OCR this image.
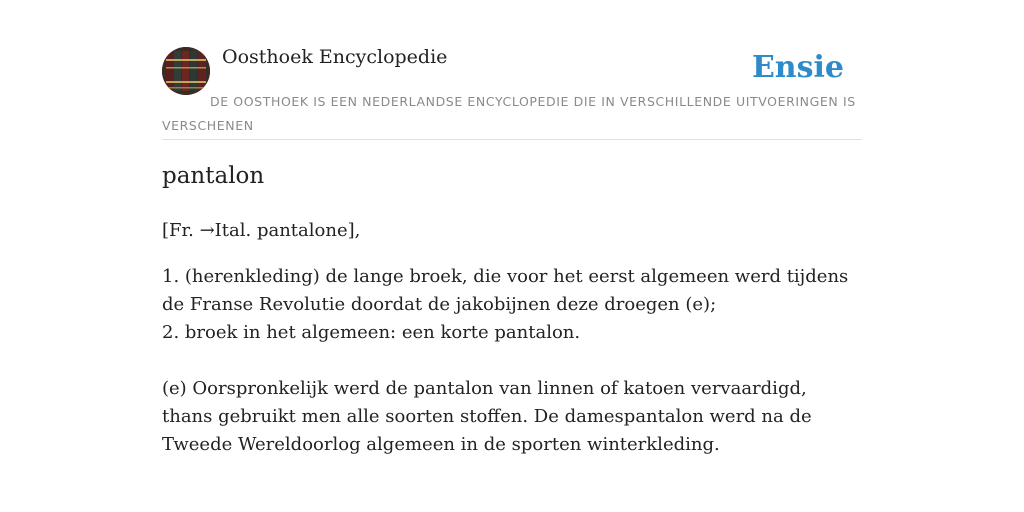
Oosthoek Encyclopedie	Ensie
DE OOSTHOEK IS EEN NEDERLANDSE ENCYCLOPEDIE DIE IN VERSCHILLENDE UITVOERINGEN IS VERSCHENEN
pantalon
[Fr. →Ital. pantalone],
1. (herenkleding) de lange broek, die voor het eerst algemeen werd tijdens de Franse Revolutie doordat de jakobijnen deze droegen (e);
2. broek in het algemeen: een korte pantalon.
(e) Oorspronkelijk werd de pantalon van linnen of katoen vervaardigd, thans gebruikt men alle soorten stoffen. De damespantalon werd na de Tweede Wereldoorlog algemeen in de sporten winterkleding.
